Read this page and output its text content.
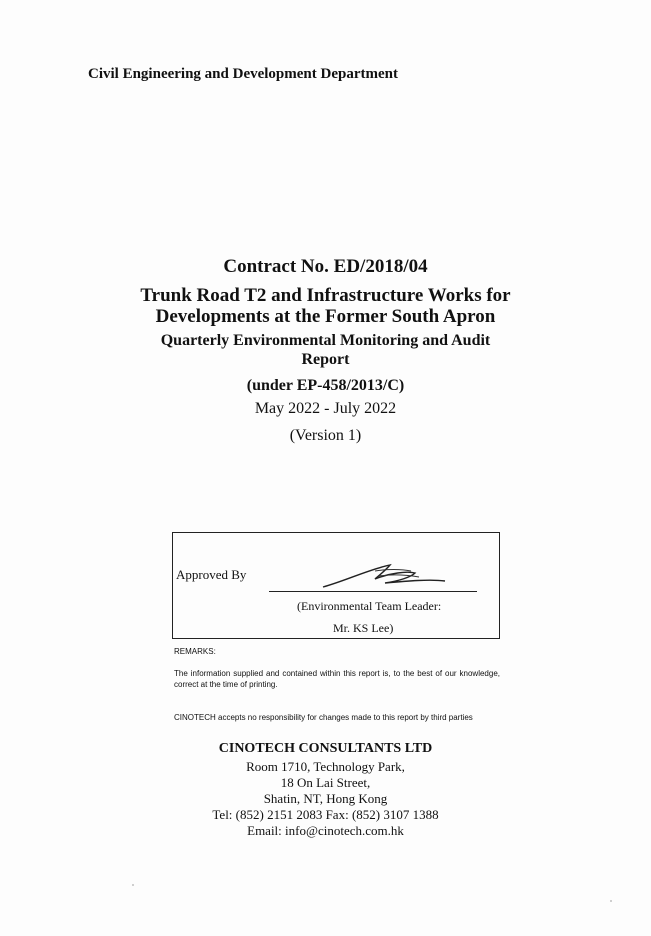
Civil Engineering and Development Department
Contract No. ED/2018/04
Trunk Road T2 and Infrastructure Works for
Developments at the Former South Apron
Quarterly Environmental Monitoring and Audit
Report
(under EP-458/2013/C)
May 2022 - July 2022
(Version 1)
Approved By
(Environmental Team Leader:
Mr. KS Lee)
REMARKS:
The information supplied and contained within this report is, to the best of our knowledge, correct at the time of printing.
CINOTECH accepts no responsibility for changes made to this report by third parties
CINOTECH CONSULTANTS LTD
Room 1710, Technology Park,
18 On Lai Street,
Shatin, NT, Hong Kong
Tel: (852) 2151 2083 Fax: (852) 3107 1388
Email: info@cinotech.com.hk
